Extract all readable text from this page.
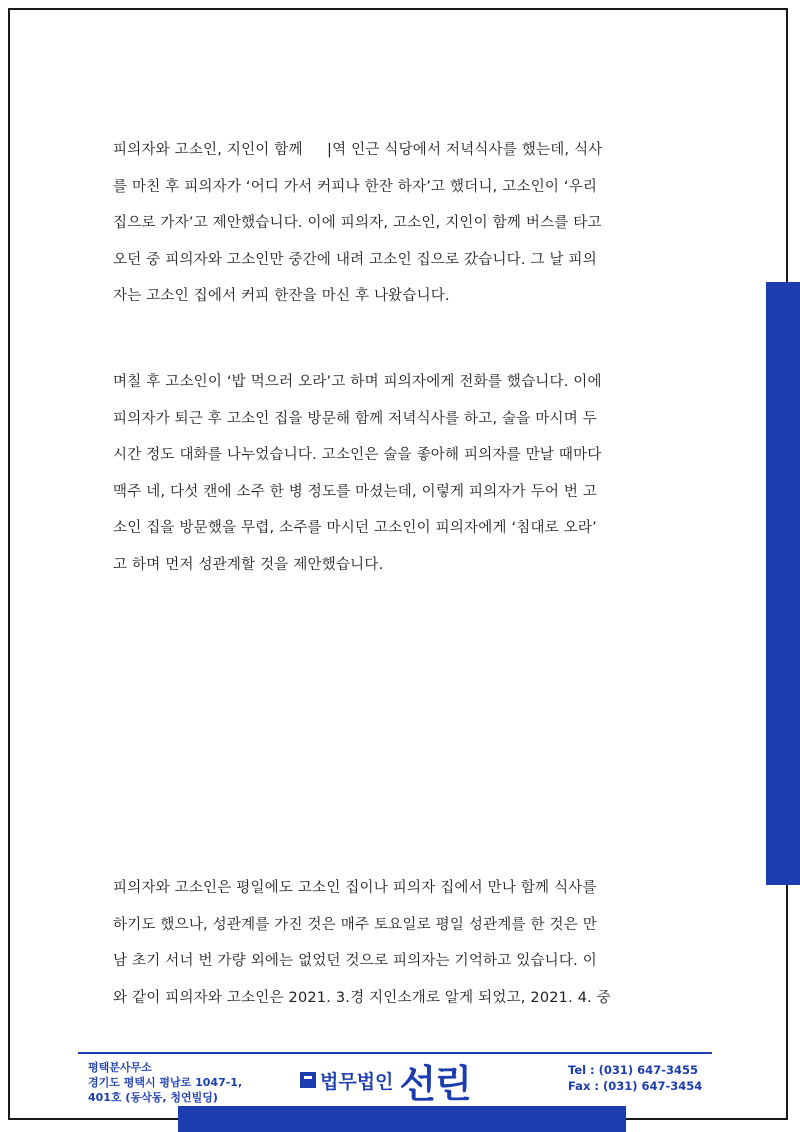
피의자와 고소인, 지인이 함께 　 |역 인근 식당에서 저녁식사를 했는데, 식사
를 마친 후 피의자가 ‘어디 가서 커피나 한잔 하자’고 했더니, 고소인이 ‘우리
집으로 가자’고 제안했습니다. 이에 피의자, 고소인, 지인이 함께 버스를 타고
오던 중 피의자와 고소인만 중간에 내려 고소인 집으로 갔습니다. 그 날 피의
자는 고소인 집에서 커피 한잔을 마신 후 나왔습니다.

며칠 후 고소인이 ‘밥 먹으러 오라’고 하며 피의자에게 전화를 했습니다. 이에
피의자가 퇴근 후 고소인 집을 방문해 함께 저녁식사를 하고, 술을 마시며 두
시간 정도 대화를 나누었습니다. 고소인은 술을 좋아해 피의자를 만날 때마다
맥주 네, 다섯 캔에 소주 한 병 정도를 마셨는데, 이렇게 피의자가 두어 번 고
소인 집을 방문했을 무렵, 소주를 마시던 고소인이 피의자에게 ‘침대로 오라’
고 하며 먼저 성관계할 것을 제안했습니다.

피의자와 고소인은 평일에도 고소인 집이나 피의자 집에서 만나 함께 식사를
하기도 했으나, 성관계를 가진 것은 매주 토요일로 평일 성관계를 한 것은 만
남 초기 서너 번 가량 외에는 없었던 것으로 피의자는 기억하고 있습니다. 이
와 같이 피의자와 고소인은 2021. 3.경 지인소개로 알게 되었고, 2021. 4. 중

평택분사무소
경기도 평택시 평남로 1047-1,
401호 (동삭동, 청연빌딩)
법무법인 선린	Tel : (031) 647-3455
Fax : (031) 647-3454
